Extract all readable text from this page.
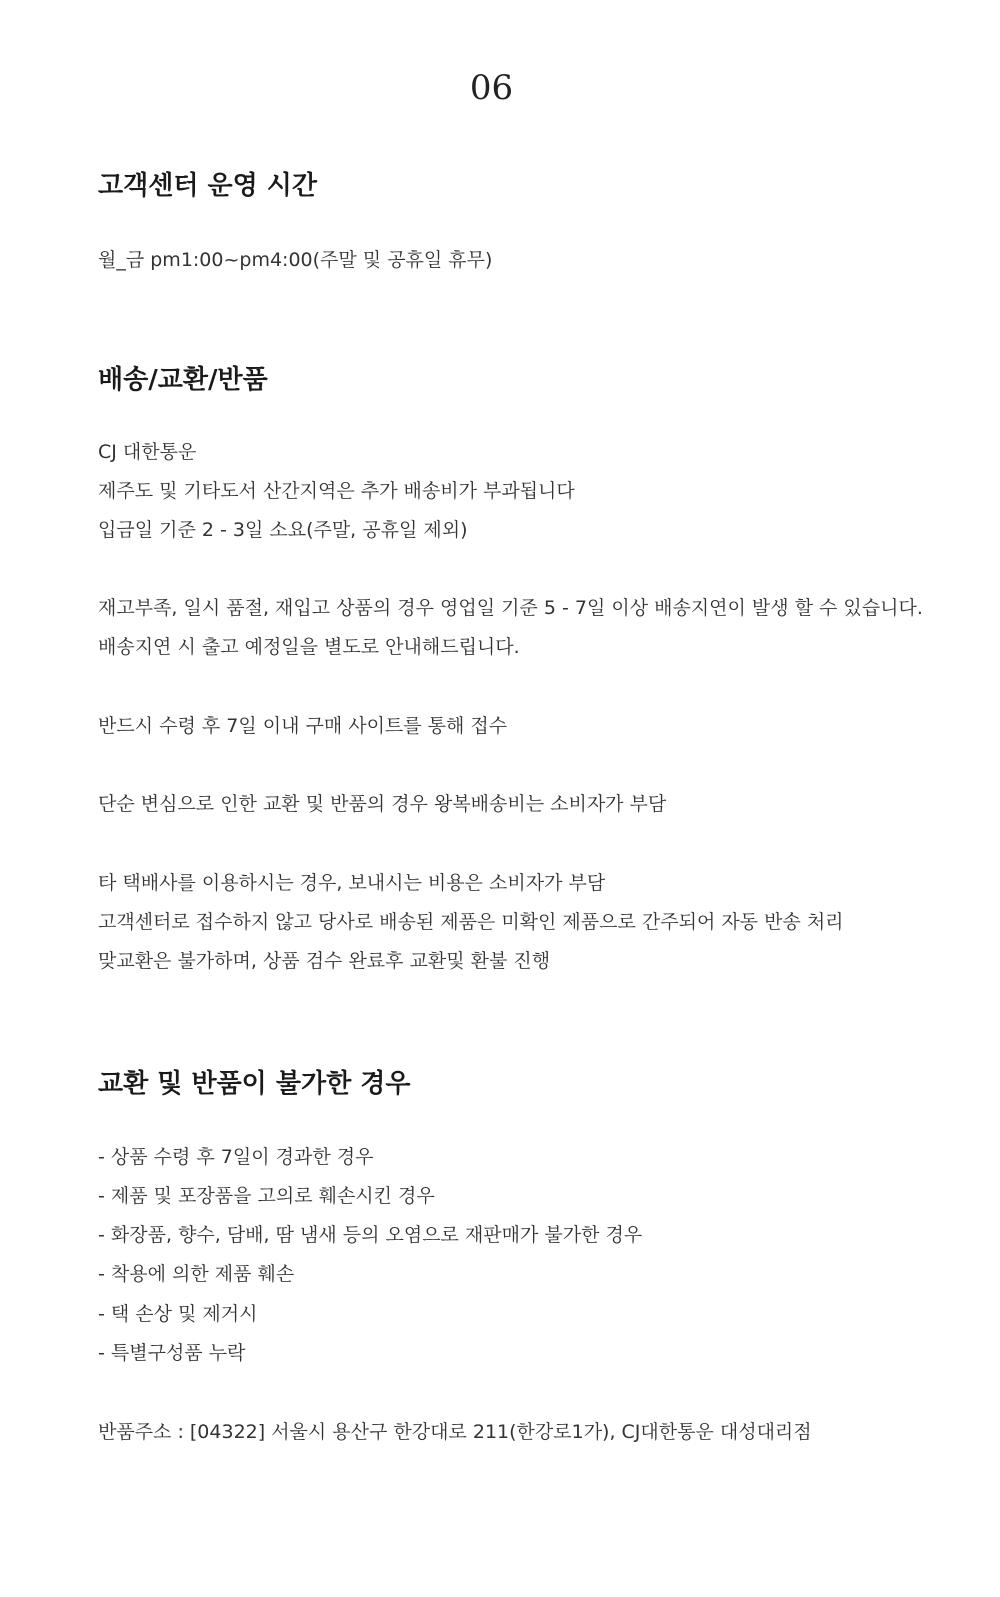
06
고객센터 운영 시간

월_금 pm1:00~pm4:00(주말 및 공휴일 휴무)

배송/교환/반품

CJ 대한통운

제주도 및 기타도서 산간지역은 추가 배송비가 부과됩니다

입금일 기준 2 - 3일 소요(주말, 공휴일 제외)

재고부족, 일시 품절, 재입고 상품의 경우 영업일 기준 5 - 7일 이상 배송지연이 발생 할 수 있습니다.

배송지연 시 출고 예정일을 별도로 안내해드립니다.

반드시 수령 후 7일 이내 구매 사이트를 통해 접수

단순 변심으로 인한 교환 및 반품의 경우 왕복배송비는 소비자가 부담

타 택배사를 이용하시는 경우, 보내시는 비용은 소비자가 부담

고객센터로 접수하지 않고 당사로 배송된 제품은 미확인 제품으로 간주되어 자동 반송 처리

맞교환은 불가하며, 상품 검수 완료후 교환및 환불 진행

교환 및 반품이 불가한 경우

- 상품 수령 후 7일이 경과한 경우

- 제품 및 포장품을 고의로 훼손시킨 경우

- 화장품, 향수, 담배, 땀 냄새 등의 오염으로 재판매가 불가한 경우

- 착용에 의한 제품 훼손

- 택 손상 및 제거시

- 특별구성품 누락

반품주소 : [04322] 서울시 용산구 한강대로 211(한강로1가), CJ대한통운 대성대리점
